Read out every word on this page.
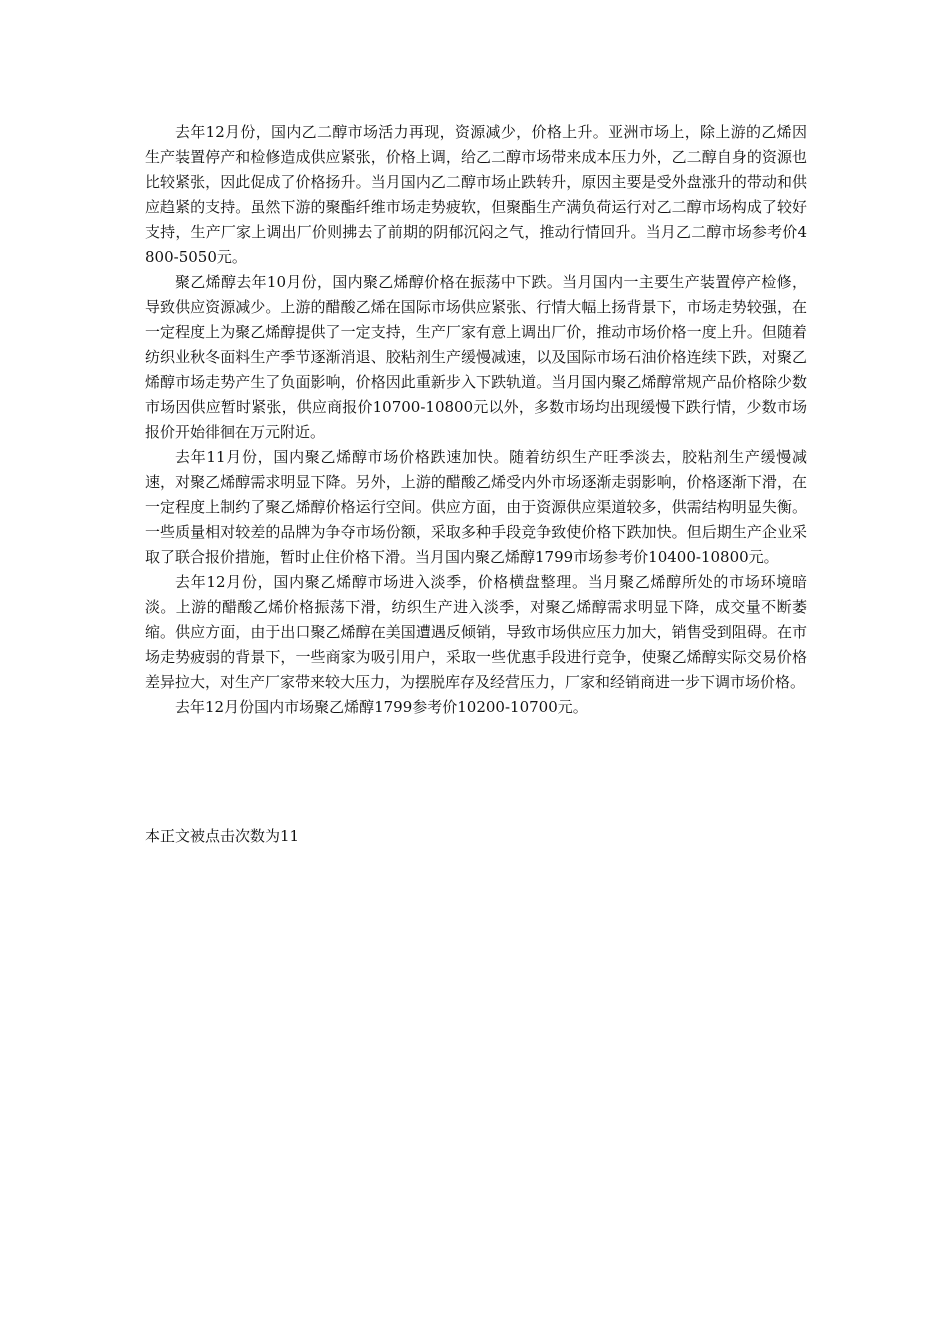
去年12月份，国内乙二醇市场活力再现，资源减少，价格上升。亚洲市场上，除上游的乙烯因生产装置停产和检修造成供应紧张，价格上调，给乙二醇市场带来成本压力外，乙二醇自身的资源也比较紧张，因此促成了价格扬升。当月国内乙二醇市场止跌转升，原因主要是受外盘涨升的带动和供应趋紧的支持。虽然下游的聚酯纤维市场走势疲软，但聚酯生产满负荷运行对乙二醇市场构成了较好支持，生产厂家上调出厂价则拂去了前期的阴郁沉闷之气，推动行情回升。当月乙二醇市场参考价4800-5050元。

聚乙烯醇去年10月份，国内聚乙烯醇价格在振荡中下跌。当月国内一主要生产装置停产检修，导致供应资源减少。上游的醋酸乙烯在国际市场供应紧张、行情大幅上扬背景下，市场走势较强，在一定程度上为聚乙烯醇提供了一定支持，生产厂家有意上调出厂价，推动市场价格一度上升。但随着纺织业秋冬面料生产季节逐渐消退、胶粘剂生产缓慢减速，以及国际市场石油价格连续下跌，对聚乙烯醇市场走势产生了负面影响，价格因此重新步入下跌轨道。当月国内聚乙烯醇常规产品价格除少数市场因供应暂时紧张，供应商报价10700-10800元以外，多数市场均出现缓慢下跌行情，少数市场报价开始徘徊在万元附近。

去年11月份，国内聚乙烯醇市场价格跌速加快。随着纺织生产旺季淡去，胶粘剂生产缓慢减速，对聚乙烯醇需求明显下降。另外，上游的醋酸乙烯受内外市场逐渐走弱影响，价格逐渐下滑，在一定程度上制约了聚乙烯醇价格运行空间。供应方面，由于资源供应渠道较多，供需结构明显失衡。一些质量相对较差的品牌为争夺市场份额，采取多种手段竞争致使价格下跌加快。但后期生产企业采取了联合报价措施，暂时止住价格下滑。当月国内聚乙烯醇1799市场参考价10400-10800元。

去年12月份，国内聚乙烯醇市场进入淡季，价格横盘整理。当月聚乙烯醇所处的市场环境暗淡。上游的醋酸乙烯价格振荡下滑，纺织生产进入淡季，对聚乙烯醇需求明显下降，成交量不断萎缩。供应方面，由于出口聚乙烯醇在美国遭遇反倾销，导致市场供应压力加大，销售受到阻碍。在市场走势疲弱的背景下，一些商家为吸引用户，采取一些优惠手段进行竞争，使聚乙烯醇实际交易价格差异拉大，对生产厂家带来较大压力，为摆脱库存及经营压力，厂家和经销商进一步下调市场价格。

去年12月份国内市场聚乙烯醇1799参考价10200-10700元。

本正文被点击次数为11
